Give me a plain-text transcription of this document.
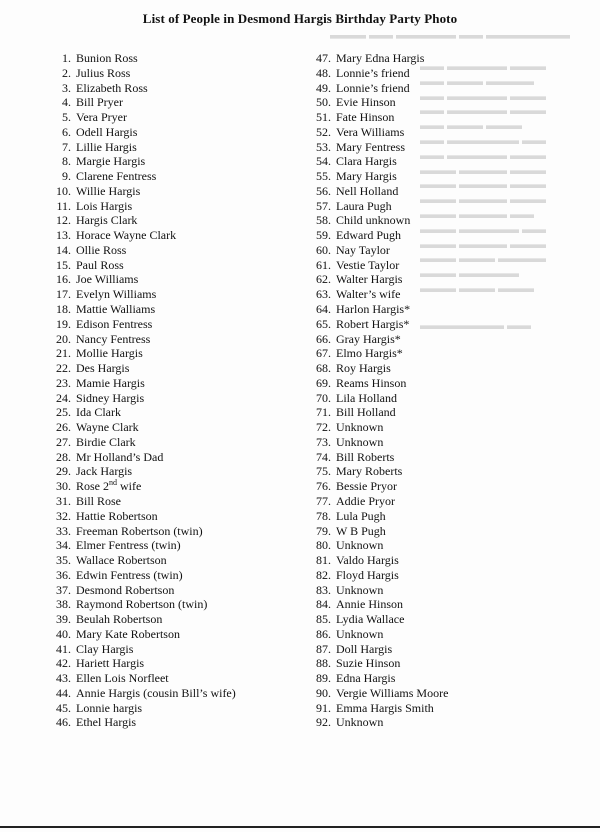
List of People in Desmond Hargis Birthday Party Photo
▬▬▬ ▬▬ ▬▬▬▬▬ ▬▬ ▬▬▬▬▬▬▬
▬▬ ▬▬▬▬▬ ▬▬▬
▬▬ ▬▬▬ ▬▬▬▬
▬▬ ▬▬▬▬▬ ▬▬▬
▬▬ ▬▬▬▬▬ ▬▬▬
▬▬ ▬▬▬ ▬▬▬
▬▬ ▬▬▬▬▬▬ ▬▬
▬▬ ▬▬▬▬▬ ▬▬▬
▬▬▬ ▬▬▬▬ ▬▬▬
▬▬▬ ▬▬▬▬ ▬▬▬
▬▬▬ ▬▬▬▬ ▬▬▬
▬▬▬ ▬▬▬▬ ▬▬
▬▬▬ ▬▬▬▬▬ ▬▬
▬▬▬ ▬▬▬▬ ▬▬▬
▬▬▬ ▬▬▬ ▬▬▬▬
▬▬▬ ▬▬▬▬▬
▬▬▬ ▬▬▬ ▬▬▬
▬▬▬▬▬▬▬ ▬▬
1. Bunion Ross
2. Julius Ross
3. Elizabeth Ross
4. Bill Pryer
5. Vera Pryer
6. Odell Hargis
7. Lillie Hargis
8. Margie Hargis
9. Clarene Fentress
10. Willie Hargis
11. Lois Hargis
12. Hargis Clark
13. Horace Wayne Clark
14. Ollie Ross
15. Paul Ross
16. Joe Williams
17. Evelyn Williams
18. Mattie Walliams
19. Edison Fentress
20. Nancy Fentress
21. Mollie Hargis
22. Des Hargis
23. Mamie Hargis
24. Sidney Hargis
25. Ida Clark
26. Wayne Clark
27. Birdie Clark
28. Mr Holland’s Dad
29. Jack Hargis
30. Rose 2nd wife
31. Bill Rose
32. Hattie Robertson
33. Freeman Robertson (twin)
34. Elmer Fentress (twin)
35. Wallace Robertson
36. Edwin Fentress (twin)
37. Desmond Robertson
38. Raymond Robertson (twin)
39. Beulah Robertson
40. Mary Kate Robertson
41. Clay Hargis
42. Hariett Hargis
43. Ellen Lois Norfleet
44. Annie Hargis (cousin Bill’s wife)
45. Lonnie hargis
46. Ethel Hargis
47. Mary Edna Hargis
48. Lonnie’s friend
49. Lonnie’s friend
50. Evie Hinson
51. Fate Hinson
52. Vera Williams
53. Mary Fentress
54. Clara Hargis
55. Mary Hargis
56. Nell Holland
57. Laura Pugh
58. Child unknown
59. Edward Pugh
60. Nay Taylor
61. Vestie Taylor
62. Walter Hargis
63. Walter’s wife
64. Harlon Hargis*
65. Robert Hargis*
66. Gray Hargis*
67. Elmo Hargis*
68. Roy Hargis
69. Reams Hinson
70. Lila Holland
71. Bill Holland
72. Unknown
73. Unknown
74. Bill Roberts
75. Mary Roberts
76. Bessie Pryor
77. Addie Pryor
78. Lula Pugh
79. W B Pugh
80. Unknown
81. Valdo Hargis
82. Floyd Hargis
83. Unknown
84. Annie Hinson
85. Lydia Wallace
86. Unknown
87. Doll Hargis
88. Suzie Hinson
89. Edna Hargis
90. Vergie Williams Moore
91. Emma Hargis Smith
92. Unknown
